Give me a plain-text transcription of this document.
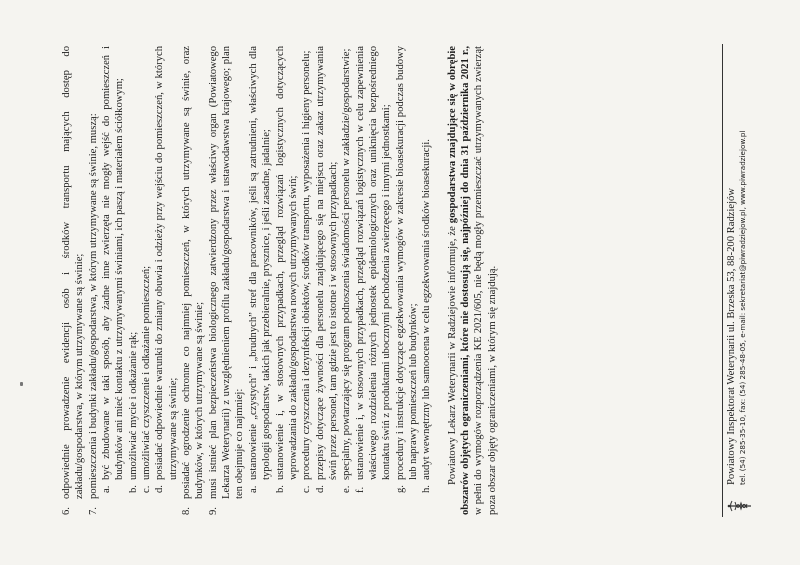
6.
odpowiednie prowadzenie ewidencji osób i środków transportu mających dostęp do zakładu/gospodarstwa, w którym utrzymywane są świnie;
7.
pomieszczenia i budynki zakładu/gospodarstwa, w którym utrzymywane są świnie, muszą: a.
być zbudowane w taki sposób, aby żadne inne zwierzęta nie mogły wejść do pomieszczeń i budynków ani mieć kontaktu z utrzymywanymi świniami, ich paszą i materiałem ściółkowym;
b.
umożliwiać mycie i odkażanie rąk;
c.
umożliwiać czyszczenie i odkażanie pomieszczeń;
d.
posiadać odpowiednie warunki do zmiany obuwia i odzieży przy wejściu do pomieszczeń, w których utrzymywane są świnie;
8.
posiadać ogrodzenie ochronne co najmniej pomieszczeń, w których utrzymywane są świnie, oraz budynków, w których utrzymywane są świnie;
9.
musi istnieć plan bezpieczeństwa biologicznego zatwierdzony przez właściwy organ (Powiatowego Lekarza Weterynarii) z uwzględnieniem profilu zakładu/gospodarstwa i ustawodawstwa krajowego; plan ten obejmuje co najmniej: a.
ustanowienie „czystych” i „brudnych” stref dla pracowników, jeśli są zatrudnieni, właściwych dla typologii gospodarstw, takich jak przebieralnie, prysznice, i jeśli zasadne, jadalnie;
b.
ustanowienie i, w stosownych przypadkach, przegląd rozwiązań logistycznych dotyczących wprowadzania do zakładu/gospodarstwa nowych utrzymywanych świń;
c.
procedury czyszczenia i dezynfekcji obiektów, środków transportu, wyposażenia i higieny personelu;
d.
przepisy dotyczące żywności dla personelu znajdującego się na miejscu oraz zakaz utrzymywania świń przez personel, tam gdzie jest to istotne i w stosownych przypadkach;
e.
specjalny, powtarzający się program podnoszenia świadomości personelu w zakładzie/gospodarstwie;
f.
ustanowienie i, w stosownych przypadkach, przegląd rozwiązań logistycznych w celu zapewnienia właściwego rozdzielenia różnych jednostek epidemiologicznych oraz uniknięcia bezpośredniego kontaktu świń z produktami ubocznymi pochodzenia zwierzęcego i innymi jednostkami;
g.
procedury i instrukcje dotyczące egzekwowania wymogów w zakresie bioasekuracji podczas budowy lub naprawy pomieszczeń lub budynków;
h.
audyt wewnętrzny lub samoocena w celu egzekwowania środków bioasekuracji. Powiatowy Lekarz Weterynarii w Radziejowie informuje, że gospodarstwa znajdujące się w obrębie obszarów objętych ograniczeniami, które nie dostosują się, najpóźniej do dnia 31 października 2021 r., w pełni do wymogów rozporządzenia KE 2021/605, nie będą mogły przemieszczać utrzymywanych zwierząt poza obszar objęty ograniczeniami, w którym się znajdują.	Powiatowy Inspektorat Weterynarii ul. Brzeska 53, 88-200 Radziejów tel. (54) 285-35-10, fax: (54) 285-48-05, e-mail: sekretariat@piwradziejow.pl, www.piwradziejow.pl
